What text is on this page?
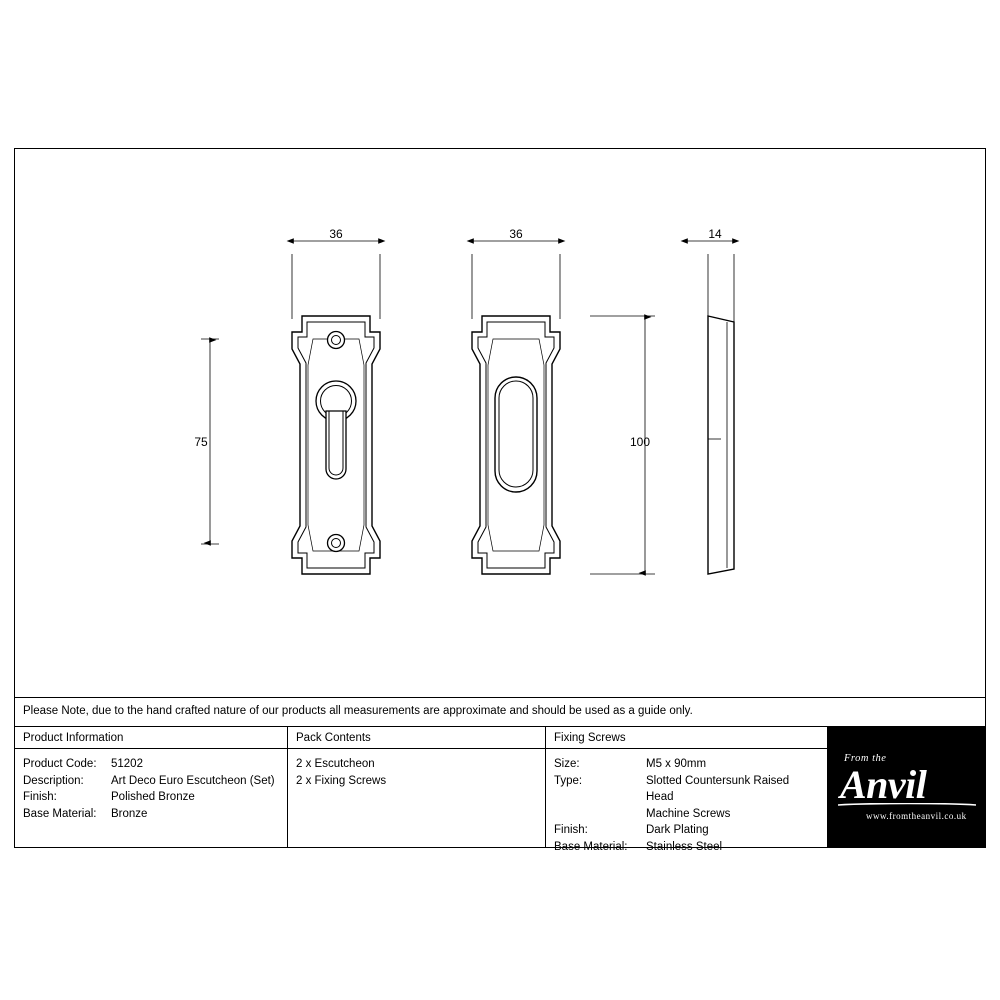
36	36	14
75	100
Please Note, due to the hand crafted nature of our products all measurements are approximate and should be used as a guide only.
Product Information
Product Code:	51202
Description:	Art Deco Euro Escutcheon (Set)
Finish:	Polished Bronze
Base Material:	Bronze
Pack Contents
2 x Escutcheon
2 x Fixing Screws
Fixing Screws
Size:	M5 x 90mm
Type:	Slotted Countersunk Raised Head
Machine Screws
Finish:	Dark Plating
Base Material:	Stainless Steel
From the
Anvil
www.fromtheanvil.co.uk
